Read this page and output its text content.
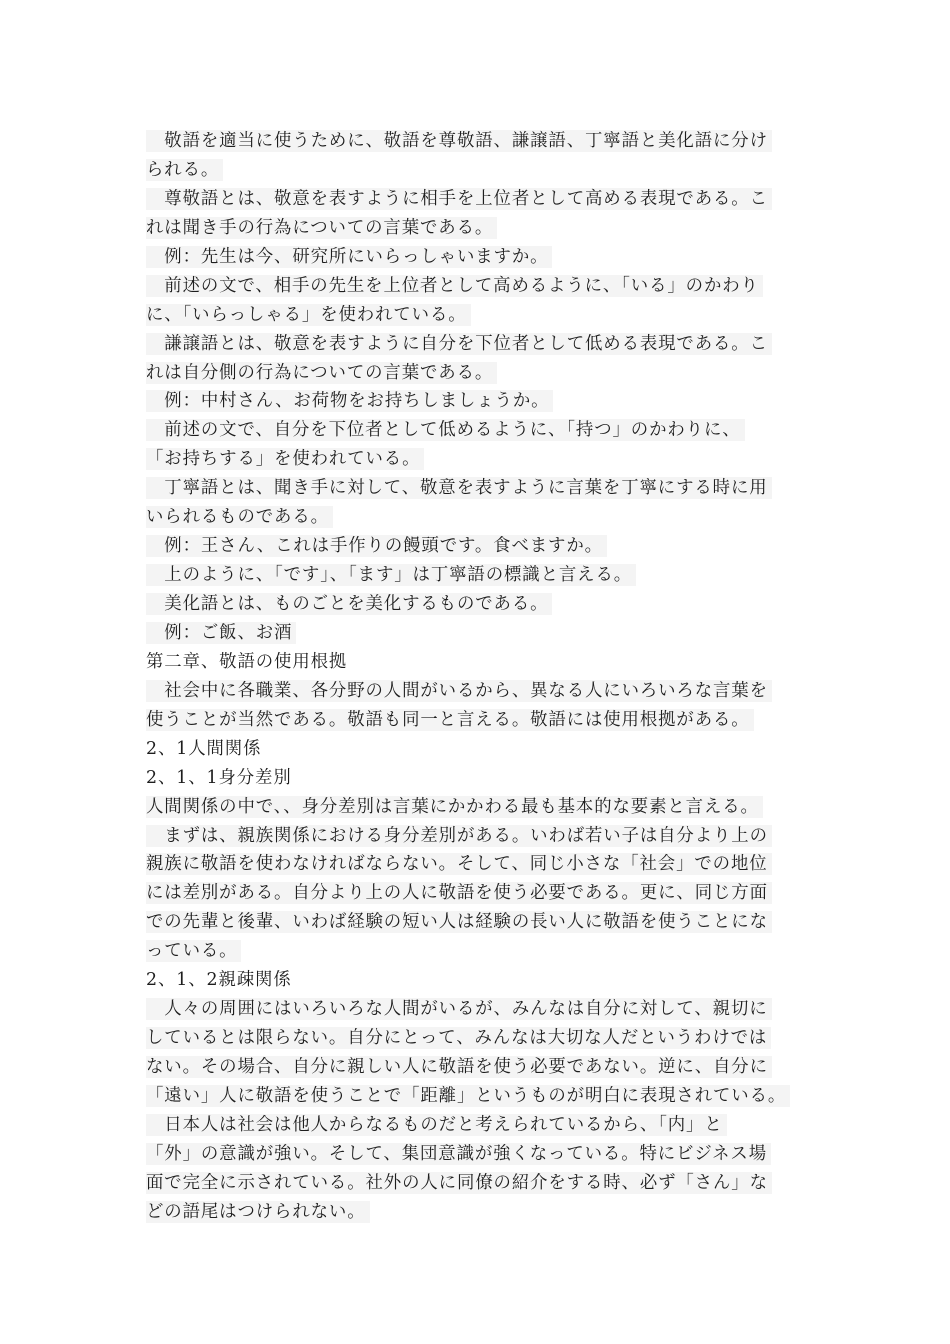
敬語を適当に使うために、敬語を尊敬語、謙譲語、丁寧語と美化語に分け
られる。
尊敬語とは、敬意を表すように相手を上位者として高める表現である。こ
れは聞き手の行為についての言葉である。
例：先生は今、研究所にいらっしゃいますか。
前述の文で、相手の先生を上位者として高めるように、「いる」のかわり
に、「いらっしゃる」を使われている。
謙譲語とは、敬意を表すように自分を下位者として低める表現である。こ
れは自分側の行為についての言葉である。
例：中村さん、お荷物をお持ちしましょうか。
前述の文で、自分を下位者として低めるように、「持つ」のかわりに、
「お持ちする」を使われている。
丁寧語とは、聞き手に対して、敬意を表すように言葉を丁寧にする時に用
いられるものである。
例：王さん、これは手作りの饅頭です。食べますか。
上のように、「です」、「ます」は丁寧語の標識と言える。
美化語とは、ものごとを美化するものである。
例：ご飯、お酒
第二章、敬語の使用根拠
社会中に各職業、各分野の人間がいるから、異なる人にいろいろな言葉を
使うことが当然である。敬語も同一と言える。敬語には使用根拠がある。
2、1人間関係
2、1、1身分差別
人間関係の中で、、身分差別は言葉にかかわる最も基本的な要素と言える。
まずは、親族関係における身分差別がある。いわば若い子は自分より上の
親族に敬語を使わなければならない。そして、同じ小さな「社会」での地位
には差別がある。自分より上の人に敬語を使う必要である。更に、同じ方面
での先輩と後輩、いわば経験の短い人は経験の長い人に敬語を使うことにな
っている。
2、1、2親疎関係
人々の周囲にはいろいろな人間がいるが、みんなは自分に対して、親切に
しているとは限らない。自分にとって、みんなは大切な人だというわけでは
ない。その場合、自分に親しい人に敬語を使う必要であない。逆に、自分に
「遠い」人に敬語を使うことで「距離」というものが明白に表現されている。
日本人は社会は他人からなるものだと考えられているから、「内」と
「外」の意識が強い。そして、集団意識が強くなっている。特にビジネス場
面で完全に示されている。社外の人に同僚の紹介をする時、必ず「さん」な
どの語尾はつけられない。
